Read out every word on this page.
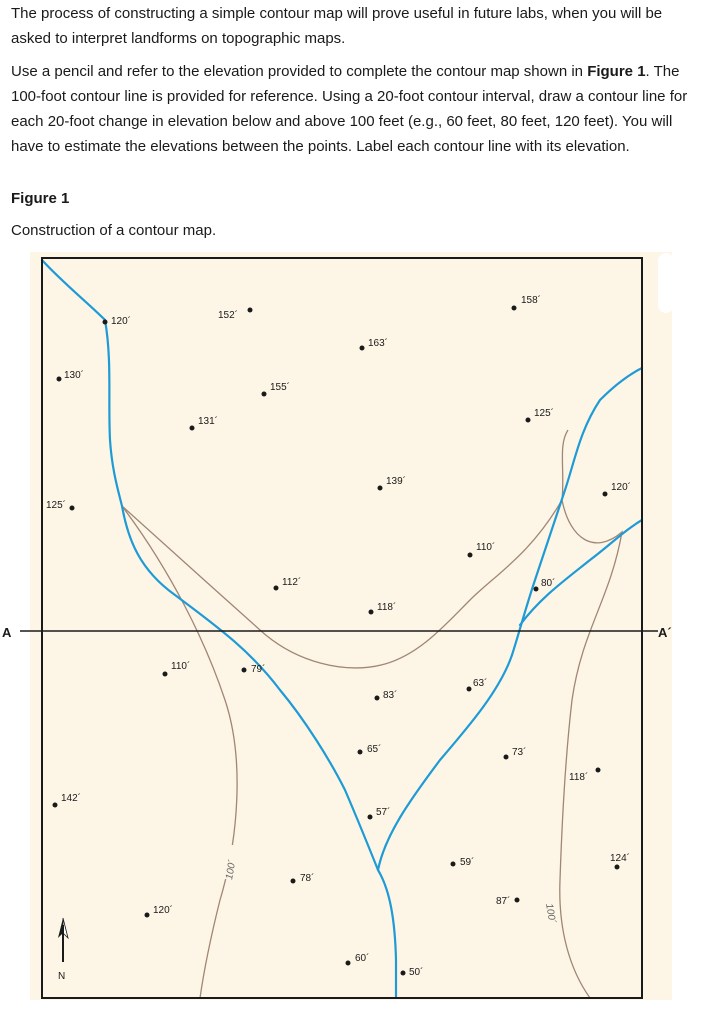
The process of constructing a simple contour map will prove useful in future labs, when you will be asked to interpret landforms on topographic maps.

Use a pencil and refer to the elevation provided to complete the contour map shown in Figure 1. The 100-foot contour line is provided for reference. Using a 20-foot contour interval, draw a contour line for each 20-foot change in elevation below and above 100 feet (e.g., 60 feet, 80 feet, 120 feet). You will have to estimate the elevations between the points. Label each contour line with its elevation.

Figure 1
Construction of a contour map.
A	A´
100´
100´
120´
152´
158´
163´
130´
155´
131´
125´
139´
120´
125´
110´
80´
112´
118´
110´	79´
63´
83´
65´	73´
118´
142´
57´
59´	124´
78´
87´
120´
60´
50´
N
